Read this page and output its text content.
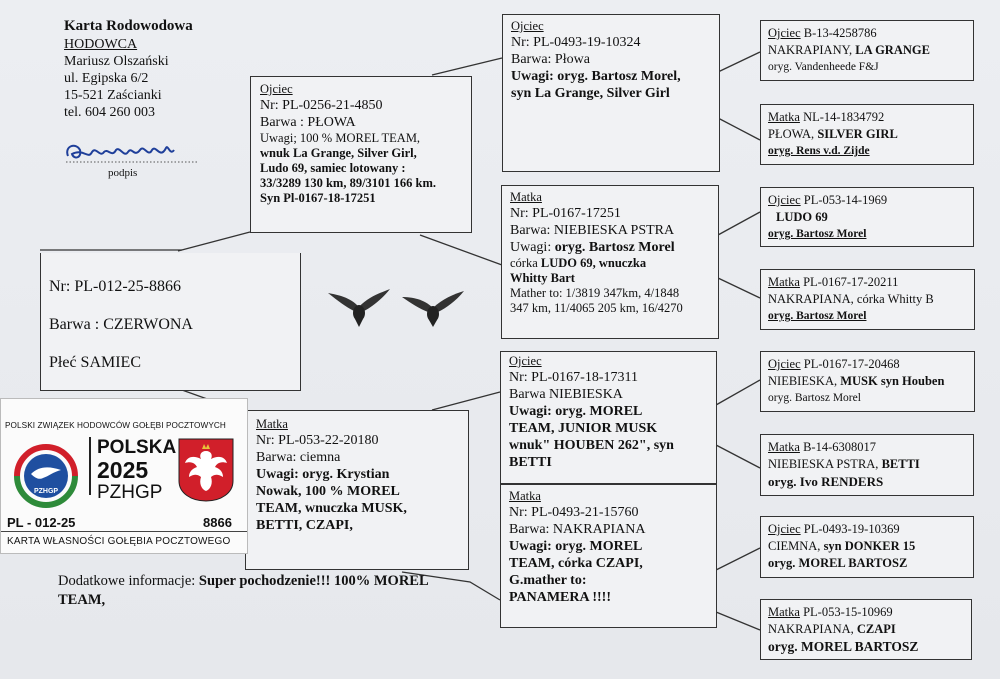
Karta Rodowodowa
HODOWCA
Mariusz Olszański
ul. Egipska 6/2
15-521 Zaścianki
tel. 604 260 003
podpis
Nr: PL-012-25-8866
Barwa : CZERWONA
Płeć SAMIEC
Ojciec
Nr: PL-0256-21-4850
Barwa : PŁOWA
Uwagi; 100 % MOREL TEAM,
wnuk La Grange, Silver Girl,
Ludo 69, samiec lotowany :
33/3289 130 km, 89/3101 166 km.
Syn Pl-0167-18-17251
Matka
Nr: PL-053-22-20180
Barwa: ciemna
Uwagi: oryg. Krystian
Nowak, 100 % MOREL
TEAM, wnuczka MUSK,
BETTI, CZAPI,
Ojciec
Nr: PL-0493-19-10324
Barwa: Płowa
Uwagi: oryg. Bartosz Morel,
syn La Grange, Silver Girl
Matka
Nr: PL-0167-17251
Barwa: NIEBIESKA PSTRA
Uwagi: oryg. Bartosz Morel
córka LUDO 69, wnuczka
Whitty Bart
Mather to: 1/3819 347km, 4/1848
347 km, 11/4065 205 km, 16/4270
Ojciec
Nr: PL-0167-18-17311
Barwa NIEBIESKA
Uwagi: oryg. MOREL
TEAM, JUNIOR MUSK
wnuk" HOUBEN 262", syn
BETTI
Matka
Nr: PL-0493-21-15760
Barwa: NAKRAPIANA
Uwagi: oryg. MOREL
TEAM, córka CZAPI,
G.mather to:
PANAMERA !!!!
Ojciec B-13-4258786
NAKRAPIANY, LA GRANGE
oryg. Vandenheede F&J
Matka NL-14-1834792
PŁOWA, SILVER GIRL
oryg. Rens v.d. Zijde
Ojciec PL-053-14-1969
LUDO 69
oryg. Bartosz Morel
Matka PL-0167-17-20211
NAKRAPIANA, córka Whitty B
oryg. Bartosz Morel
Ojciec PL-0167-17-20468
NIEBIESKA, MUSK syn Houben
oryg. Bartosz Morel
Matka B-14-6308017
NIEBIESKA PSTRA, BETTI
oryg. Ivo RENDERS
Ojciec PL-0493-19-10369
CIEMNA, syn DONKER 15
oryg. MOREL BARTOSZ
Matka PL-053-15-10969
NAKRAPIANA, CZAPI
oryg. MOREL BARTOSZ
Dodatkowe informacje: Super pochodzenie!!! 100% MOREL
TEAM,
POLSKI ZWIĄZEK HODOWCÓW GOŁĘBI POCZTOWYCH
PZHGP
POLSKA
2025
PZHGP
PL - 012-25	8866
KARTA WŁASNOŚCI GOŁĘBIA POCZTOWEGO
